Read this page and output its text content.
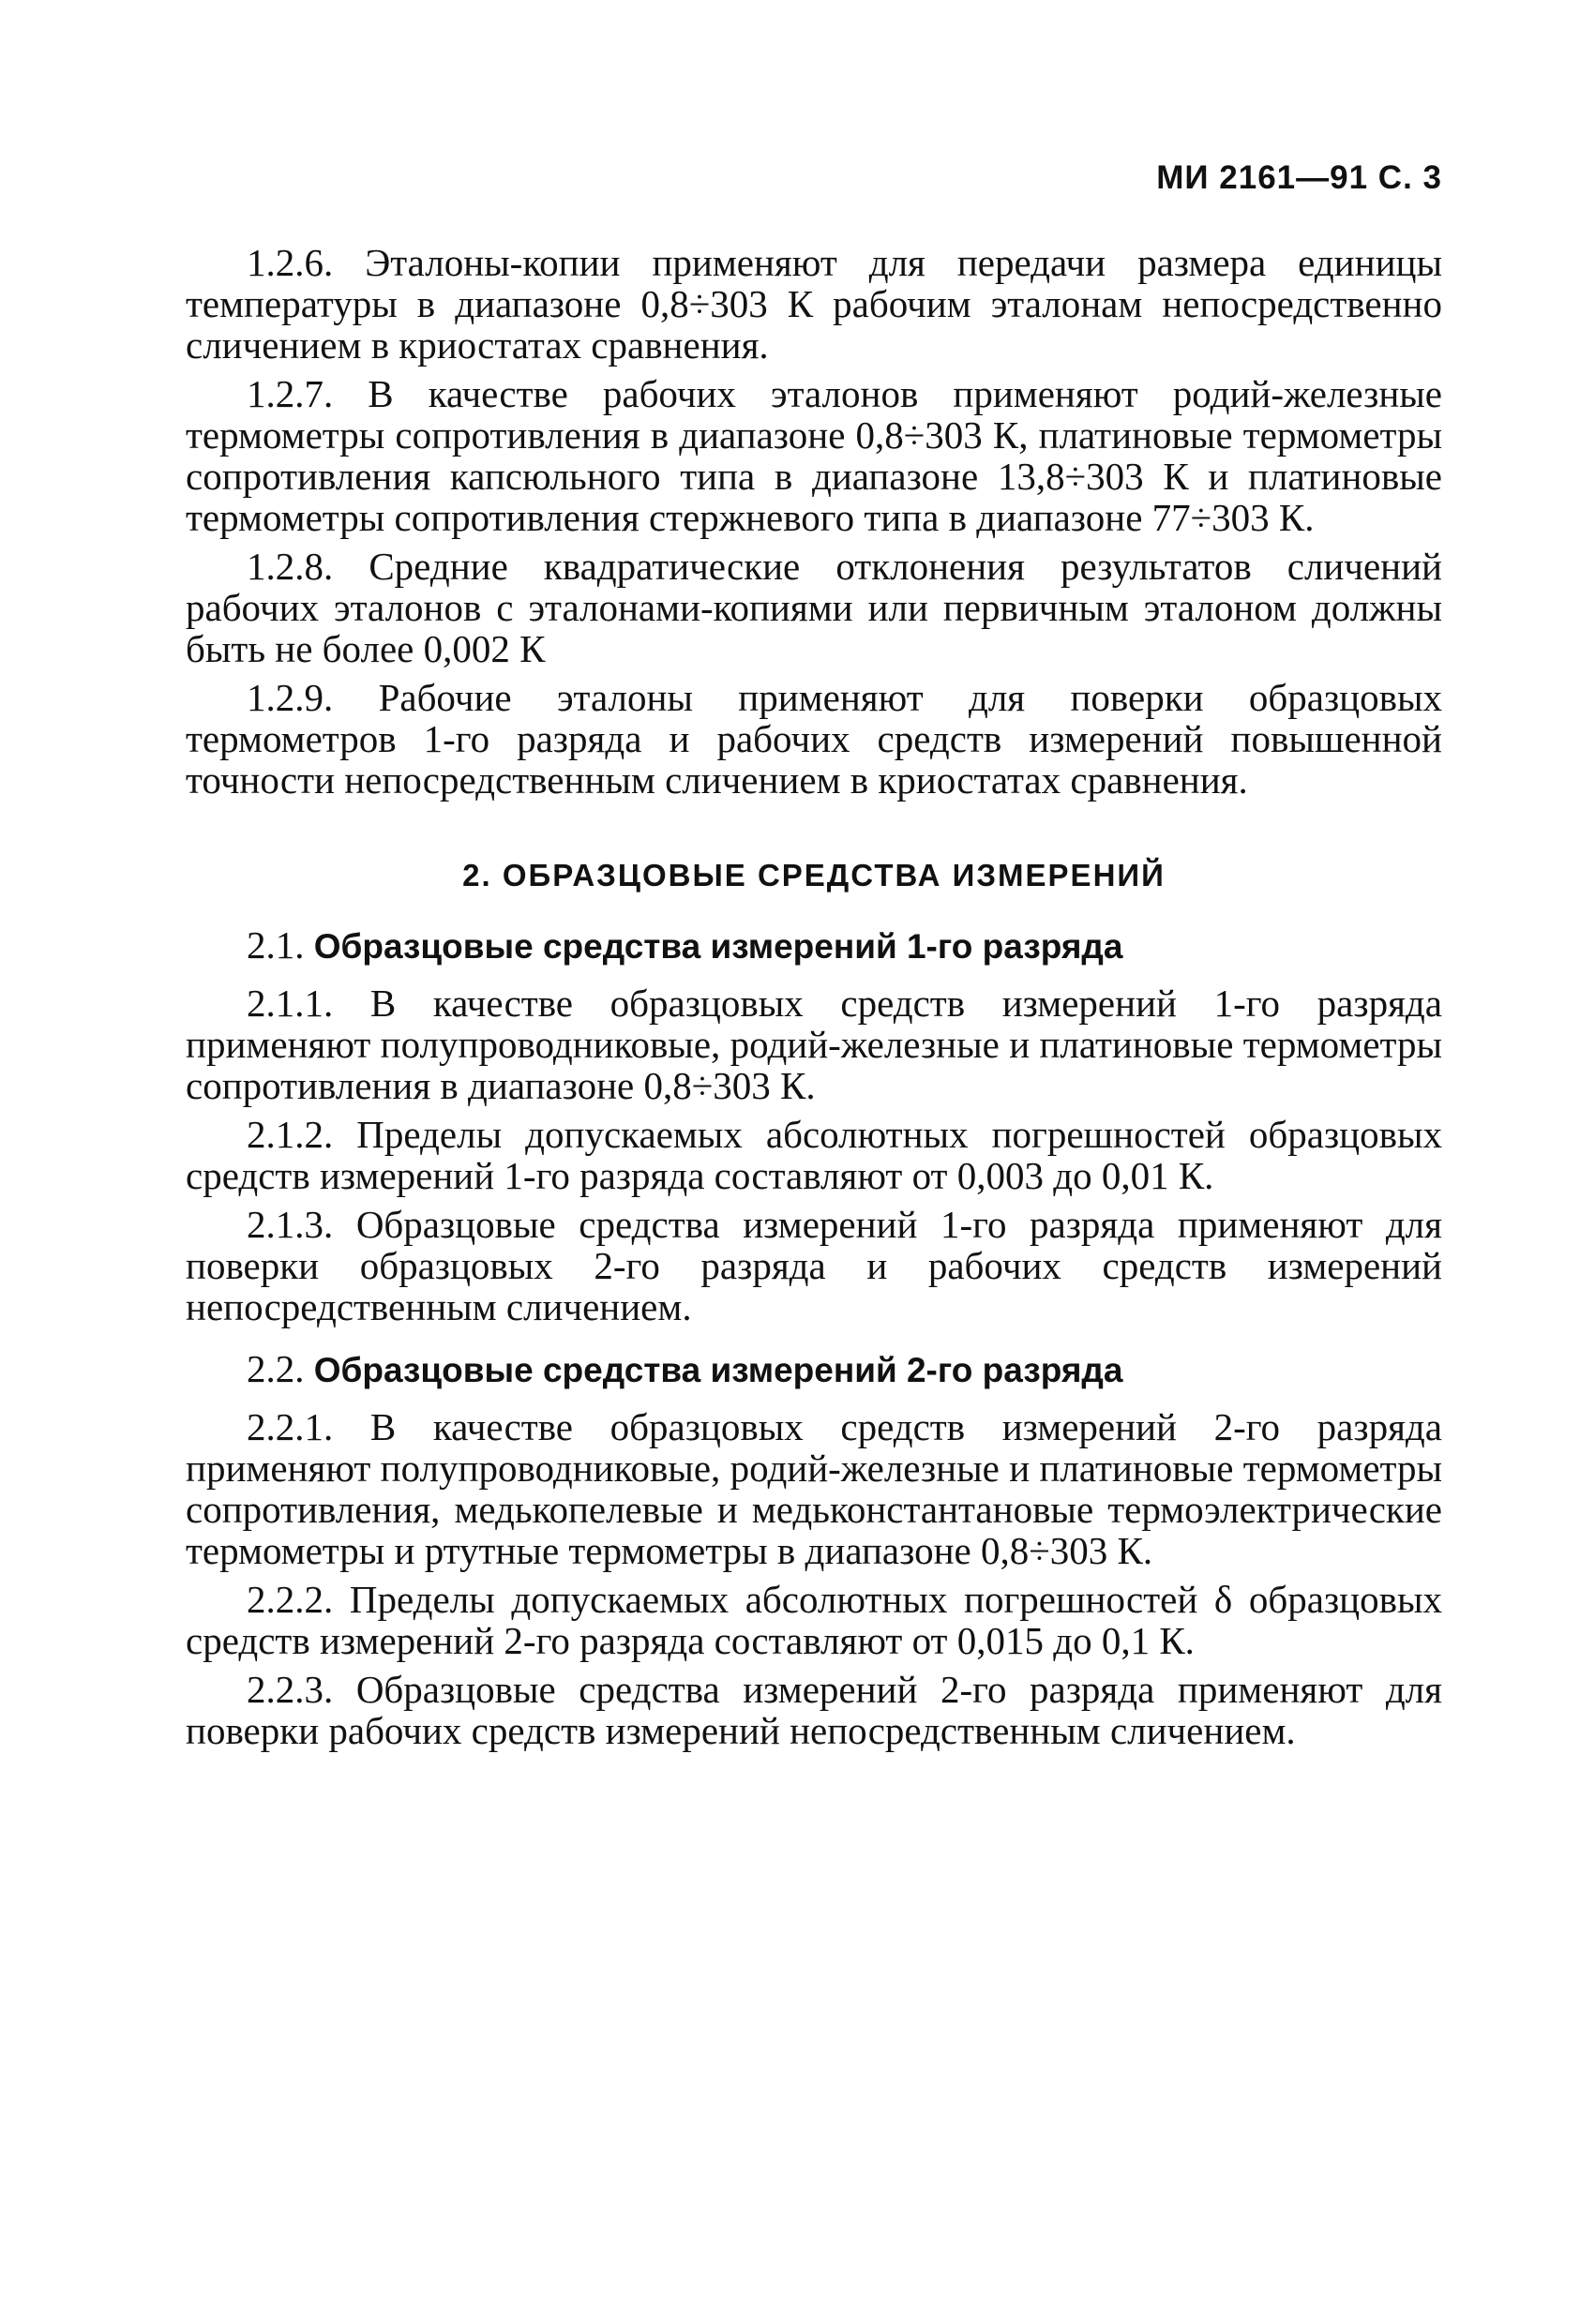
МИ 2161—91 С. 3

1.2.6. Эталоны-копии применяют для передачи размера единицы температуры в диапазоне 0,8÷303 К рабочим эталонам непосредственно сличением в криостатах сравнения.

1.2.7. В качестве рабочих эталонов применяют родий-железные термометры сопротивления в диапазоне 0,8÷303 К, платиновые термометры сопротивления капсюльного типа в диапазоне 13,8÷303 К и платиновые термометры сопротивления стержневого типа в диапазоне 77÷303 К.

1.2.8. Средние квадратические отклонения результатов сличений рабочих эталонов с эталонами-копиями или первичным эталоном должны быть не более 0,002 К

1.2.9. Рабочие эталоны применяют для поверки образцовых термометров 1-го разряда и рабочих средств измерений повышенной точности непосредственным сличением в криостатах сравнения.

2. ОБРАЗЦОВЫЕ СРЕДСТВА ИЗМЕРЕНИЙ
2.1. Образцовые средства измерений 1-го разряда

2.1.1. В качестве образцовых средств измерений 1-го разряда применяют полупроводниковые, родий-железные и платиновые термометры сопротивления в диапазоне 0,8÷303 К.

2.1.2. Пределы допускаемых абсолютных погрешностей образцовых средств измерений 1-го разряда составляют от 0,003 до 0,01 К.

2.1.3. Образцовые средства измерений 1-го разряда применяют для поверки образцовых 2-го разряда и рабочих средств измерений непосредственным сличением.

2.2. Образцовые средства измерений 2-го разряда

2.2.1. В качестве образцовых средств измерений 2-го разряда применяют полупроводниковые, родий-железные и платиновые термометры сопротивления, медькопелевые и медьконстантановые термоэлектрические термометры и ртутные термометры в диапазоне 0,8÷303 К.

2.2.2. Пределы допускаемых абсолютных погрешностей δ образцовых средств измерений 2-го разряда составляют от 0,015 до 0,1 К.

2.2.3. Образцовые средства измерений 2-го разряда применяют для поверки рабочих средств измерений непосредственным сличением.
